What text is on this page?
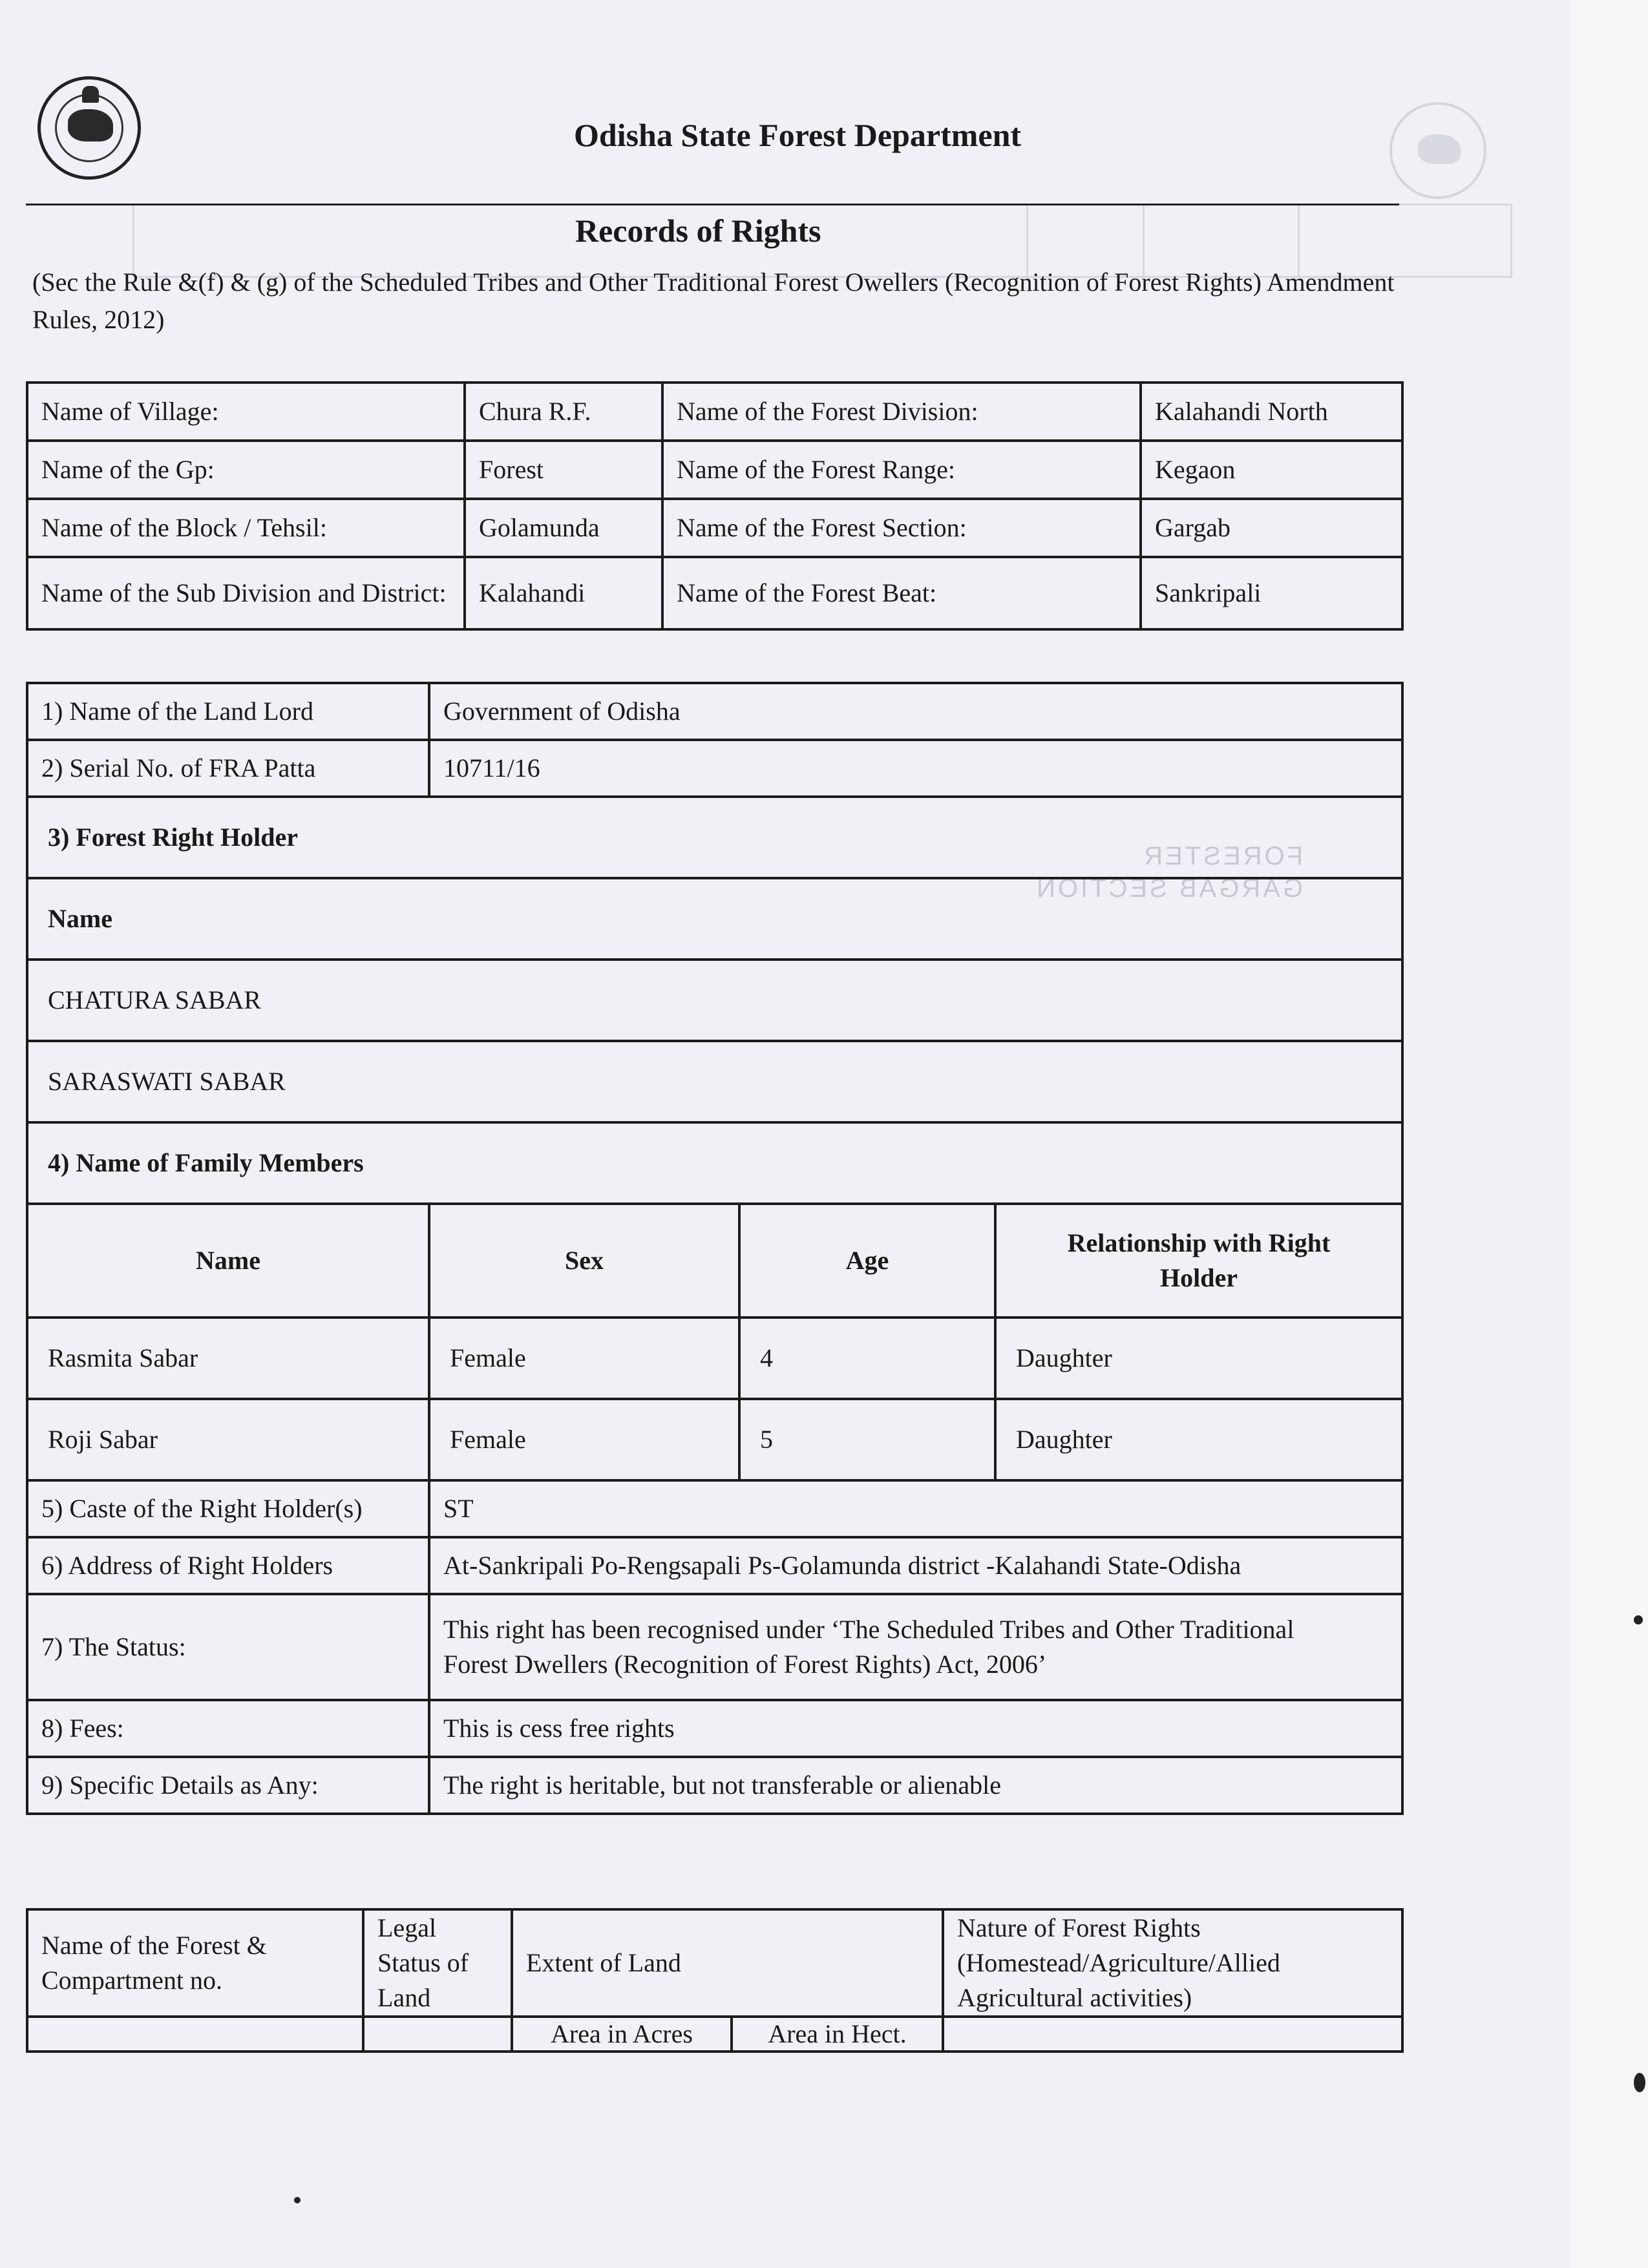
FORESTER
GARGAB SECTION
Odisha State Forest Department
Records of Rights
(Sec the Rule &(f) & (g) of the Scheduled Tribes and Other Traditional Forest Owellers (Recognition of Forest Rights) Amendment Rules, 2012)
Name of Village:	Chura R.F.	Name of the Forest Division:	Kalahandi North
Name of the Gp:	Forest	Name of the Forest Range:	Kegaon
Name of the Block / Tehsil:	Golamunda	Name of the Forest Section:	Gargab
Name of the Sub Division and District:	Kalahandi	Name of the Forest Beat:	Sankripali
1) Name of the Land Lord	Government of Odisha		
2) Serial No. of FRA Patta	10711/16		
3) Forest Right Holder			
Name			
CHATURA SABAR			
SARASWATI SABAR			
4) Name of Family Members			
Name	Sex	Age	Relationship with Right Holder
Rasmita Sabar	Female	4	Daughter
Roji Sabar	Female	5	Daughter
5) Caste of the Right Holder(s)	ST		
6) Address of Right Holders	At-Sankripali Po-Rengsapali Ps-Golamunda district -Kalahandi State-Odisha		
7) The Status:	This right has been recognised under ‘The Scheduled Tribes and Other Traditional
Forest Dwellers (Recognition of Forest Rights) Act, 2006’		

8) Fees:	This is cess free rights		
9) Specific Details as Any:	The right is heritable, but not transferable or alienable		
Name of the Forest & Compartment no.	Legal Status of Land	Extent of Land		Nature of Forest Rights (Homestead/Agriculture/Allied Agricultural activities)
		Area in Acres	Area in Hect.	
